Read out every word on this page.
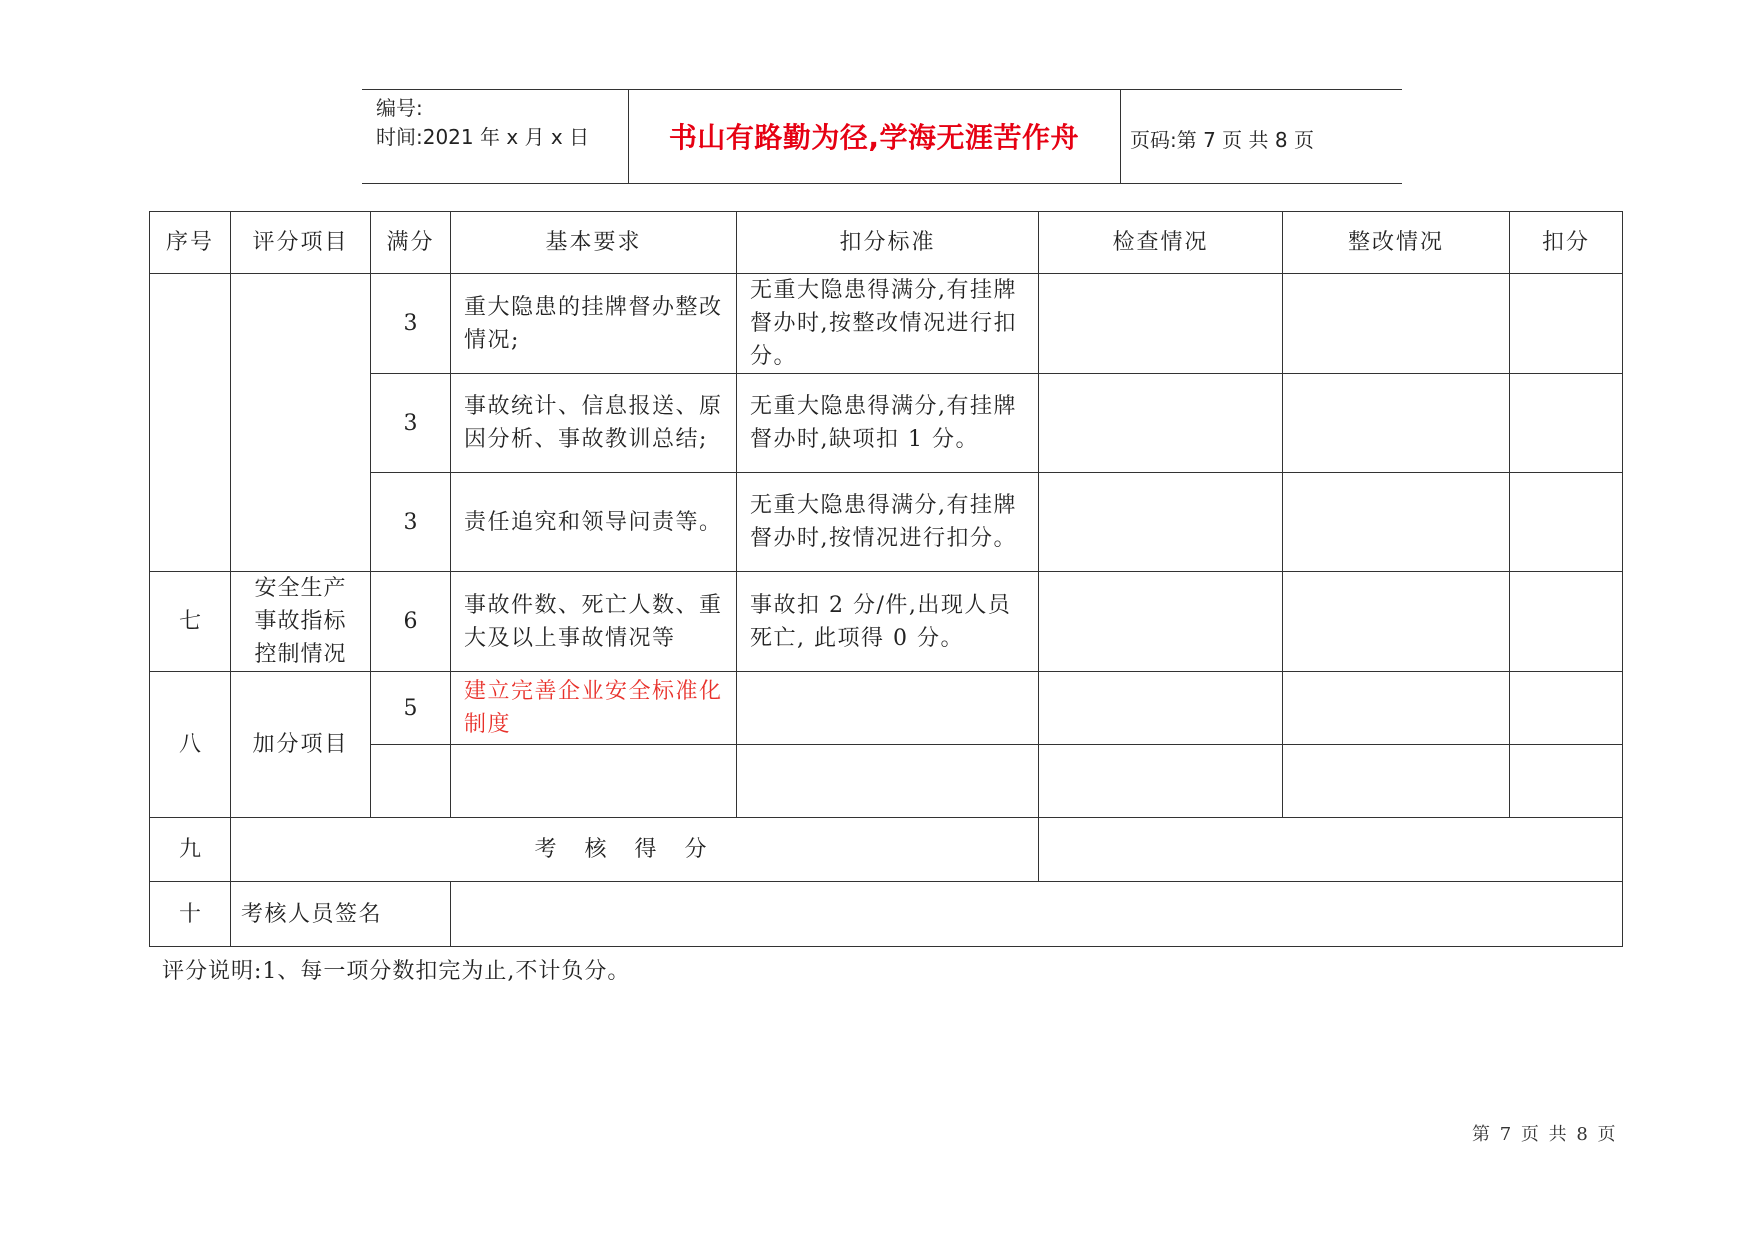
编号:
时间:2021 年 x 月 x 日	书山有路勤为径,学海无涯苦作舟	页码:第 7 页 共 8 页
序号	评分项目	满分	基本要求	扣分标准	检查情况	整改情况	扣分
		3	重大隐患的挂牌督办整改情况;	无重大隐患得满分,有挂牌督办时,按整改情况进行扣分。			
		3	事故统计、信息报送、原因分析、事故教训总结;	无重大隐患得满分,有挂牌督办时,缺项扣 1 分。			
		3	责任追究和领导问责等。	无重大隐患得满分,有挂牌督办时,按情况进行扣分。			
七	安全生产事故指标控制情况	6	事故件数、死亡人数、重大及以上事故情况等	事故扣 2 分/件,出现人员死亡, 此项得 0 分。			
八	加分项目	5	建立完善企业安全标准化制度				

九	考核得分						
十	考核人员签名						
评分说明:1、每一项分数扣完为止,不计负分。
第 7 页 共 8 页
